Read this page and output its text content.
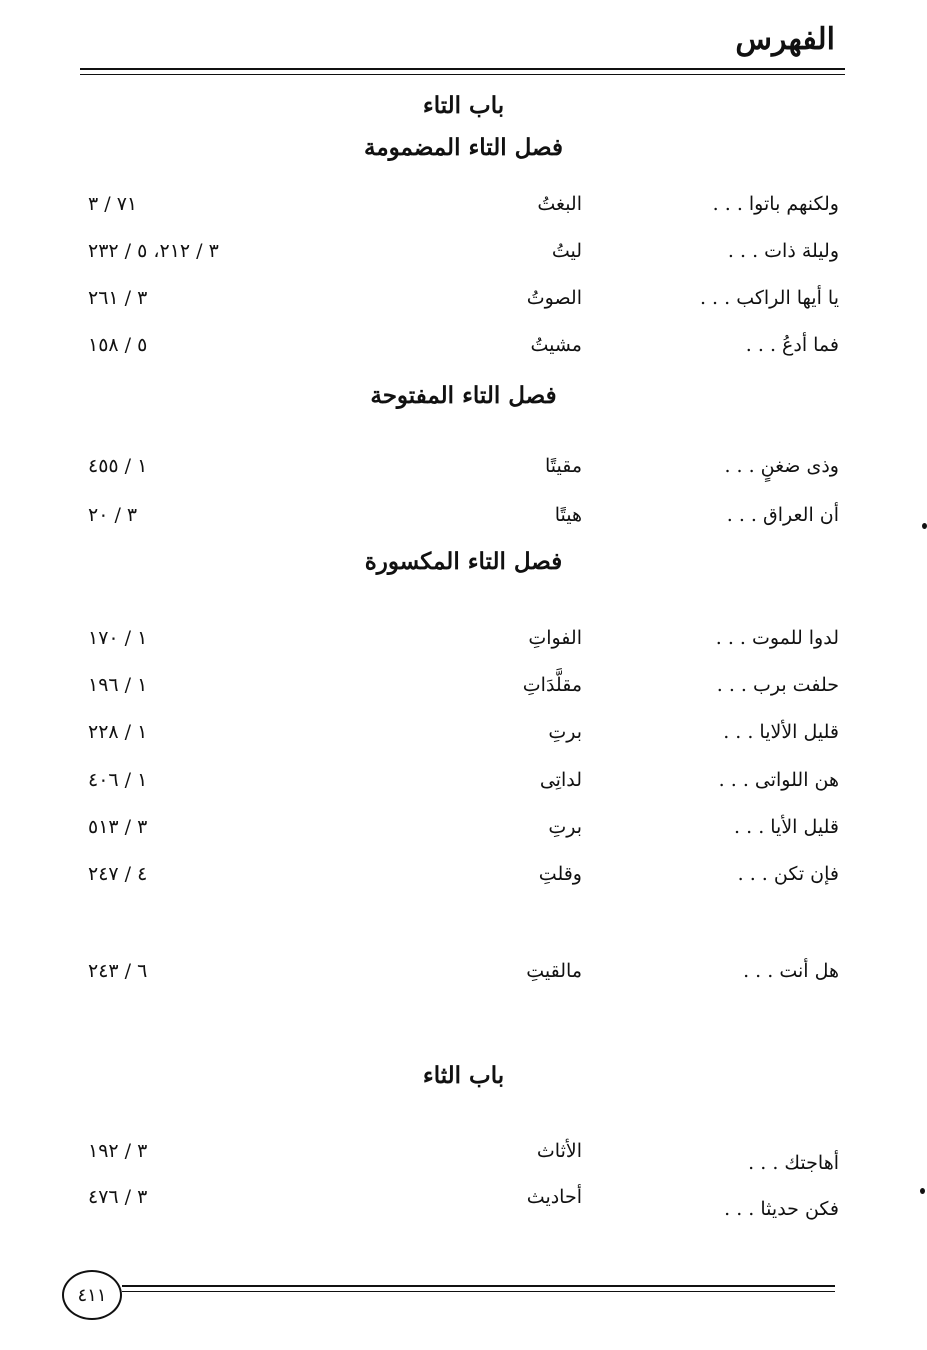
الفهرس
باب التاء
فصل التاء المضمومة
ولكنهم باتوا . . .
البغتُ
٧١ / ٣
وليلة ذات . . .
ليتُ
٣ / ٢١٢، ٥ / ٢٣٢
يا أيها الراكب . . .
الصوتُ
٣ / ٢٦١
فما أدعُ . . .
مشيتُ
٥ / ١٥٨
فصل التاء المفتوحة
وذى ضغنٍ . . .
مقيتًا
١ / ٤٥٥
أن العراق . . .
هيتًا
٣ / ٢٠
فصل التاء المكسورة
لدوا للموت . . .
الفواتِ
١ / ١٧٠
حلفت برب . . .
مقلَّدَاتِ
١ / ١٩٦
قليل الألايا . . .
برتِ
١ / ٢٢٨
هن اللواتى . . .
لداتِى
١ / ٤٠٦
قليل الأيا . . .
برتِ
٣ / ٥١٣
فإن تكن . . .
وقلتِ
٤ / ٢٤٧
هل أنت . . .
مالقيتِ
٦ / ٢٤٣
باب الثاء
أهاجتك . . .
الأثاث
٣ / ١٩٢
فكن حديثا . . .
أحاديث
٣ / ٤٧٦
٤١١
